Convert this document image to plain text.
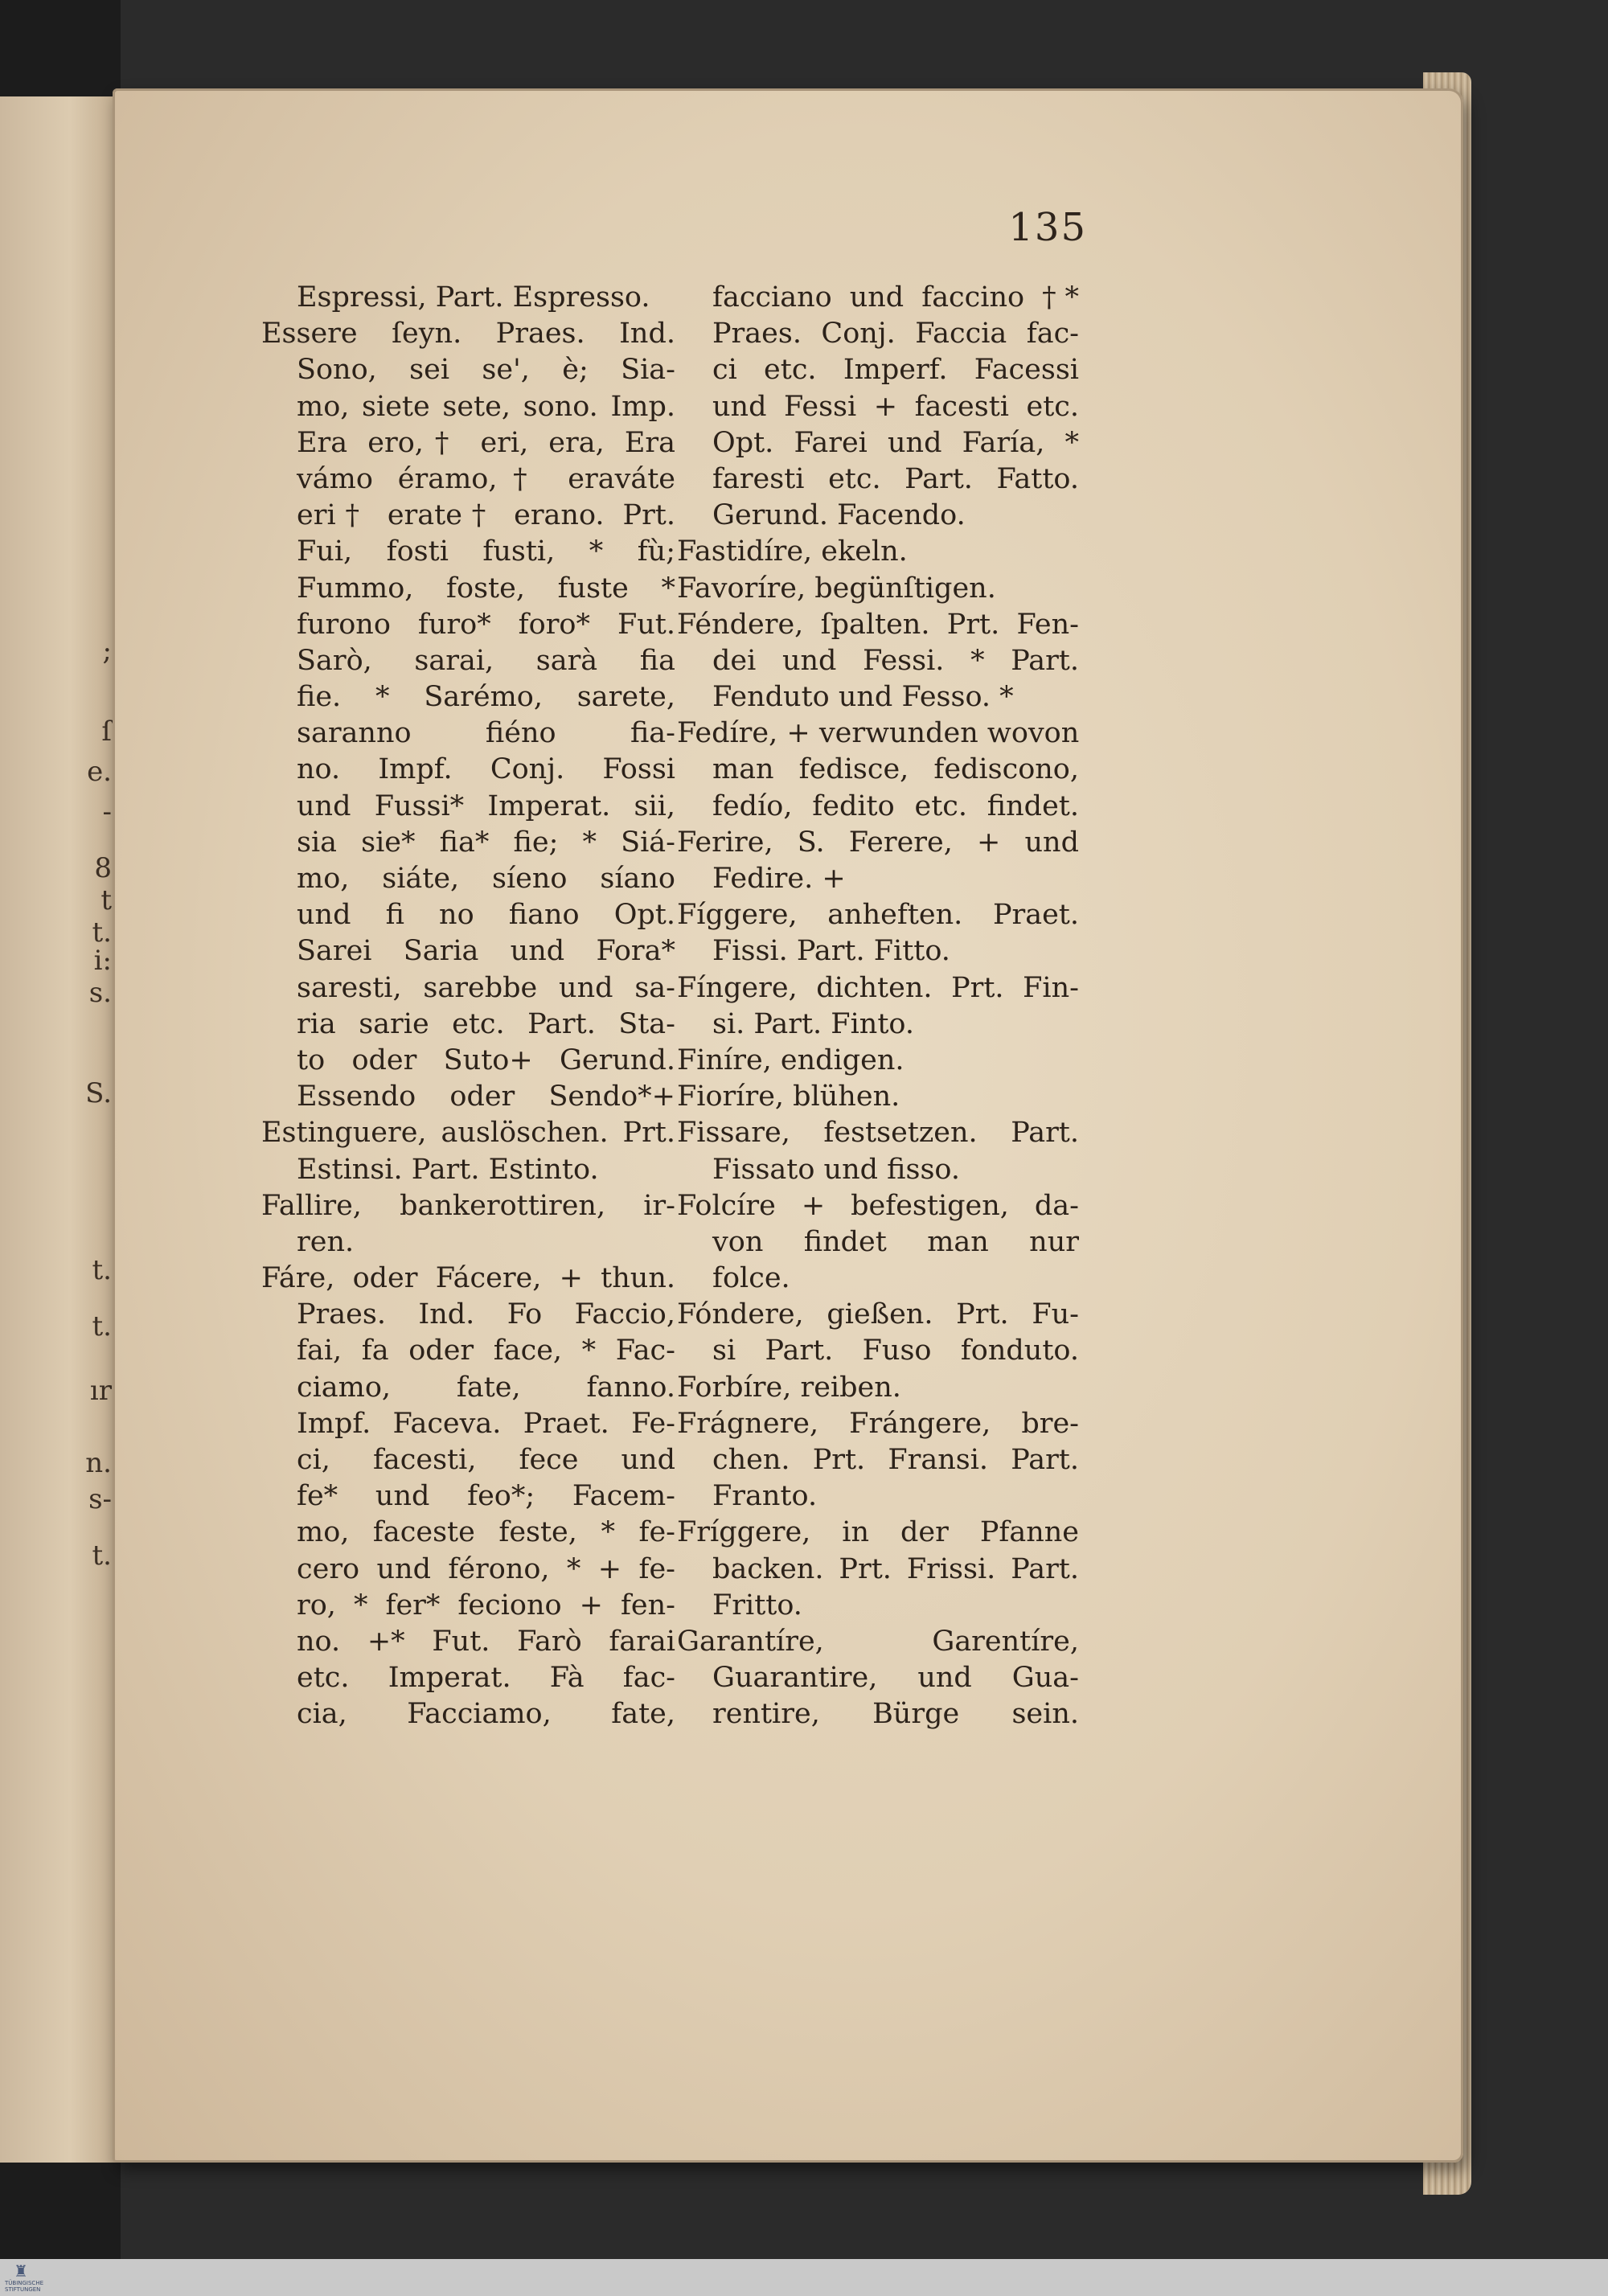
;

ſ

e.

-

8

t

t.

i:

s.

S.

t.

t.

ır

n.

s-

t.

135
Espressi, Part. Espresso.
Essere ſeyn. Praes. Ind.
Sono, sei se', è; Sia-
mo, siete sete, sono. Imp.
Era ero,† eri, era, Era
vámo éramo,† eraváte
eri† erate† erano. Prt.
Fui, fosti fusti, * fù;
Fummo, foste, fuste *
furono furo* foro* Fut.
Sarò, sarai, sarà fia
fie. * Sarémo, sarete,
saranno fiéno fia-
no. Impf. Conj. Fossi
und Fussi* Imperat. sii,
sia sie* fia* fie; * Siá-
mo, siáte, síeno síano
und fi no fiano Opt.
Sarei Saria und Fora*
saresti, sarebbe und sa-
ria sarie etc. Part. Sta-
to oder Suto+ Gerund.
Essendo oder Sendo*+
Estinguere, auslöschen. Prt.
Estinsi. Part. Estinto.
Fallire, bankerottiren, ir-
ren.
Fáre, oder Fácere, + thun.
Praes. Ind. Fo Faccio,
fai, fa oder face, * Fac-
ciamo, fate, fanno.
Impf. Faceva. Praet. Fe-
ci, facesti, fece und
fe* und feo*; Facem-
mo, faceste feste, * fe-
cero und férono, * + fe-
ro, * fer* feciono + fen-
no. +* Fut. Farò farai
etc. Imperat. Fà fac-
cia, Facciamo, fate,
facciano und faccino †*
Praes. Conj. Faccia fac-
ci etc. Imperf. Facessi
und Fessi + facesti etc.
Opt. Farei und Faría, *
faresti etc. Part. Fatto.
Gerund. Facendo.
Fastidíre, ekeln.
Favoríre, begünſtigen.
Féndere, ſpalten. Prt. Fen-
dei und Fessi. * Part.
Fenduto und Fesso. *
Fedíre, + verwunden wovon
man fedisce, fediscono,
fedío, fedito etc. findet.
Ferire, S. Ferere, + und
Fedire. +
Fíggere, anheften. Praet.
Fissi. Part. Fitto.
Fíngere, dichten. Prt. Fin-
si. Part. Finto.
Finíre, endigen.
Fioríre, blühen.
Fissare, festsetzen. Part.
Fissato und fisso.
Folcíre + befestigen, da-
von findet man nur
folce.
Fóndere, gießen. Prt. Fu-
si Part. Fuso fonduto.
Forbíre, reiben.
Frágnere, Frángere, bre-
chen. Prt. Fransi. Part.
Franto.
Fríggere, in der Pfanne
backen. Prt. Frissi. Part.
Fritto.
Garantíre, Garentíre,
Guarantire, und Gua-
rentire, Bürge sein.
♜
TÜBINGISCHE STIFTUNGEN
